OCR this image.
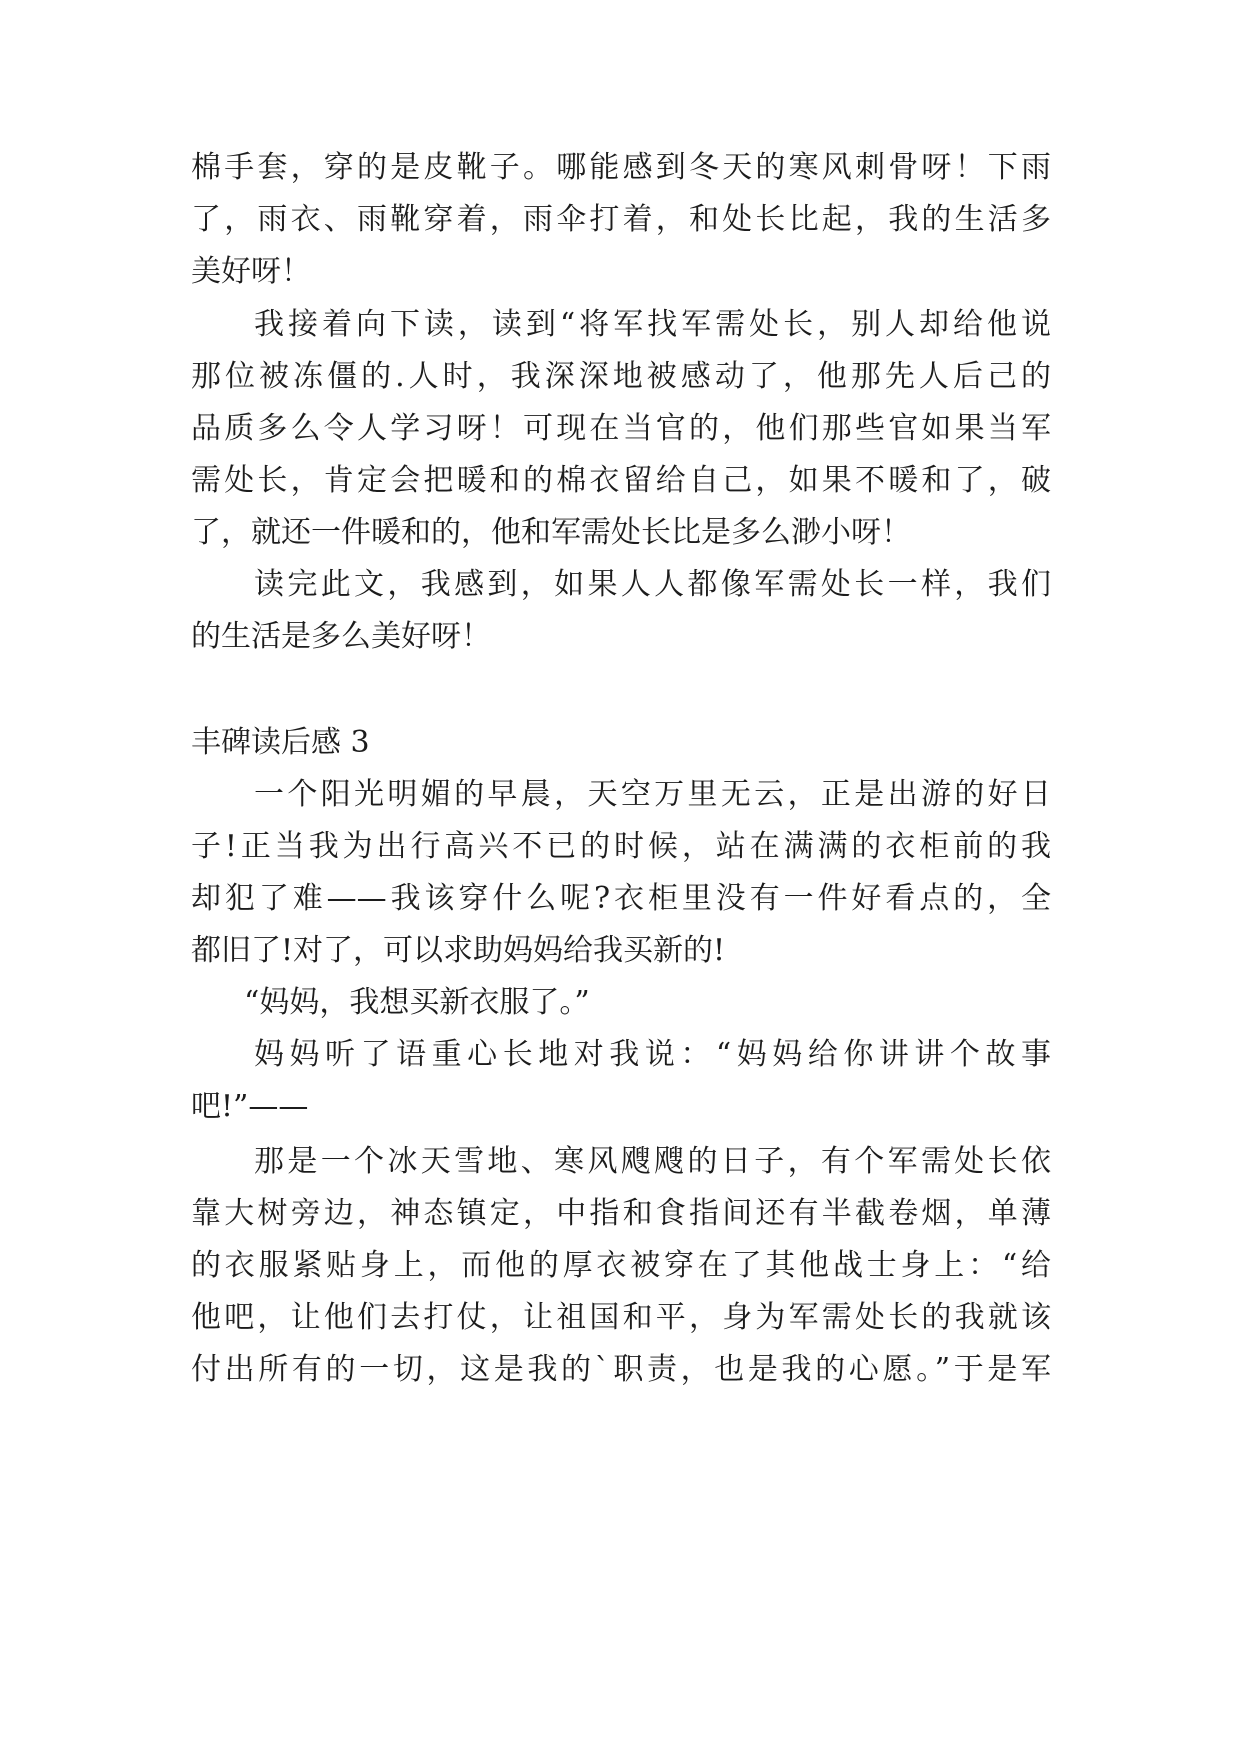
棉手套，穿的是皮靴子。哪能感到冬天的寒风刺骨呀！下雨
了，雨衣、雨靴穿着，雨伞打着，和处长比起，我的生活多
美好呀！
我接着向下读，读到“将军找军需处长，别人却给他说
那位被冻僵的.人时，我深深地被感动了，他那先人后己的
品质多么令人学习呀！可现在当官的，他们那些官如果当军
需处长，肯定会把暖和的棉衣留给自己，如果不暖和了，破
了，就还一件暖和的，他和军需处长比是多么渺小呀！
读完此文，我感到，如果人人都像军需处长一样，我们
的生活是多么美好呀！
丰碑读后感 3
一个阳光明媚的早晨，天空万里无云，正是出游的好日
子!正当我为出行高兴不已的时候，站在满满的衣柜前的我
却犯了难——我该穿什么呢?衣柜里没有一件好看点的，全
都旧了!对了，可以求助妈妈给我买新的!
“妈妈，我想买新衣服了。”
妈妈听了语重心长地对我说：“妈妈给你讲讲个故事
吧!”——
那是一个冰天雪地、寒风飕飕的日子，有个军需处长依
靠大树旁边，神态镇定，中指和食指间还有半截卷烟，单薄
的衣服紧贴身上，而他的厚衣被穿在了其他战士身上：“给
他吧，让他们去打仗，让祖国和平，身为军需处长的我就该
付出所有的一切，这是我的`职责，也是我的心愿。”于是军
